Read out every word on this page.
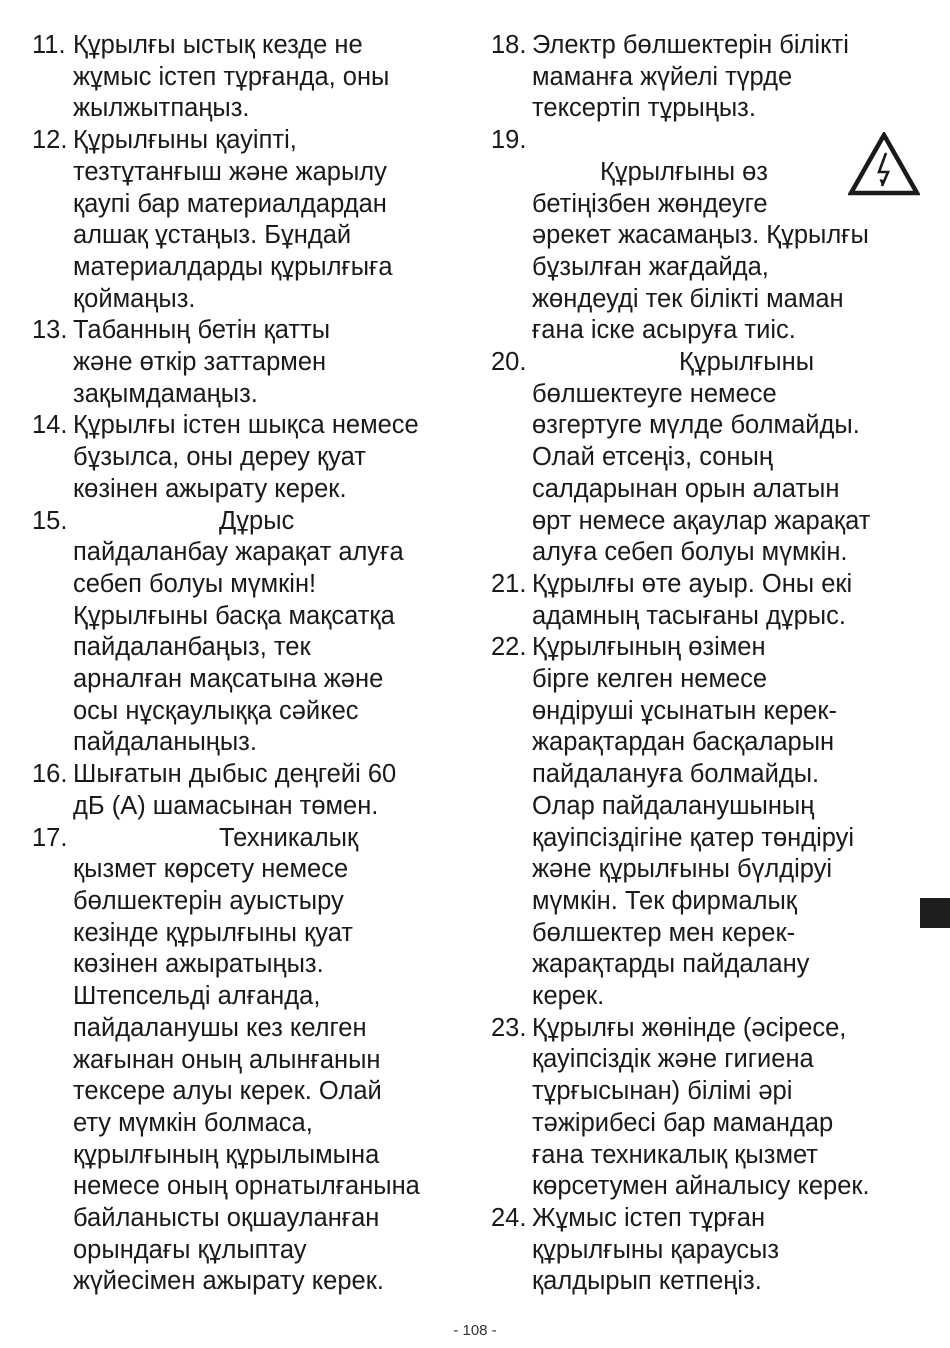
11. Құрылғы ыстық кезде не
жұмыс істеп тұрғанда, оны
жылжытпаңыз.
12. Құрылғыны қауіпті,
тезтұтанғыш және жарылу
қаупі бар материалдардан
алшақ ұстаңыз. Бұндай
материалдарды құрылғыға
қоймаңыз.
13. Табанның бетін қатты
және өткір заттармен
зақымдамаңыз.
14. Құрылғы істен шықса немесе
бұзылса, оны дереу қуат
көзінен ажырату керек.
15.	Дұрыс
пайдаланбау жарақат алуға
себеп болуы мүмкін!
Құрылғыны басқа мақсатқа
пайдаланбаңыз, тек
арналған мақсатына және
осы нұсқаулыққа сәйкес
пайдаланыңыз.
16. Шығатын дыбыс деңгейі 60
дБ (А) шамасынан төмен.
17.	Техникалық
қызмет көрсету немесе
бөлшектерін ауыстыру
кезінде құрылғыны қуат
көзінен ажыратыңыз.
Штепсельді алғанда,
пайдаланушы кез келген
жағынан оның алынғанын
тексере алуы керек. Олай
ету мүмкін болмаса,
құрылғының құрылымына
немесе оның орнатылғанына
байланысты оқшауланған
орындағы құлыптау
жүйесімен ажырату керек.
18. Электр бөлшектерін білікті
маманға жүйелі түрде
тексертіп тұрыңыз.
19.
Құрылғыны өз
бетіңізбен жөндеуге
әрекет жасамаңыз. Құрылғы
бұзылған жағдайда,
жөндеуді тек білікті маман
ғана іске асыруға тиіс.
20.	Құрылғыны
бөлшектеуге немесе
өзгертуге мүлде болмайды.
Олай етсеңіз, соның
салдарынан орын алатын
өрт немесе ақаулар жарақат
алуға себеп болуы мүмкін.
21. Құрылғы өте ауыр. Оны екі
адамның тасығаны дұрыс.
22. Құрылғының өзімен
бірге келген немесе
өндіруші ұсынатын керек-
жарақтардан басқаларын
пайдалануға болмайды.
Олар пайдаланушының
қауіпсіздігіне қатер төндіруі
және құрылғыны бүлдіруі
мүмкін. Тек фирмалық
бөлшектер мен керек-
жарақтарды пайдалану
керек.
23. Құрылғы жөнінде (әсіресе,
қауіпсіздік және гигиена
тұрғысынан) білімі әрі
тәжірибесі бар мамандар
ғана техникалық қызмет
көрсетумен айналысу керек.
24. Жұмыс істеп тұрған
құрылғыны қараусыз
қалдырып кетпеңіз.
- 108 -
